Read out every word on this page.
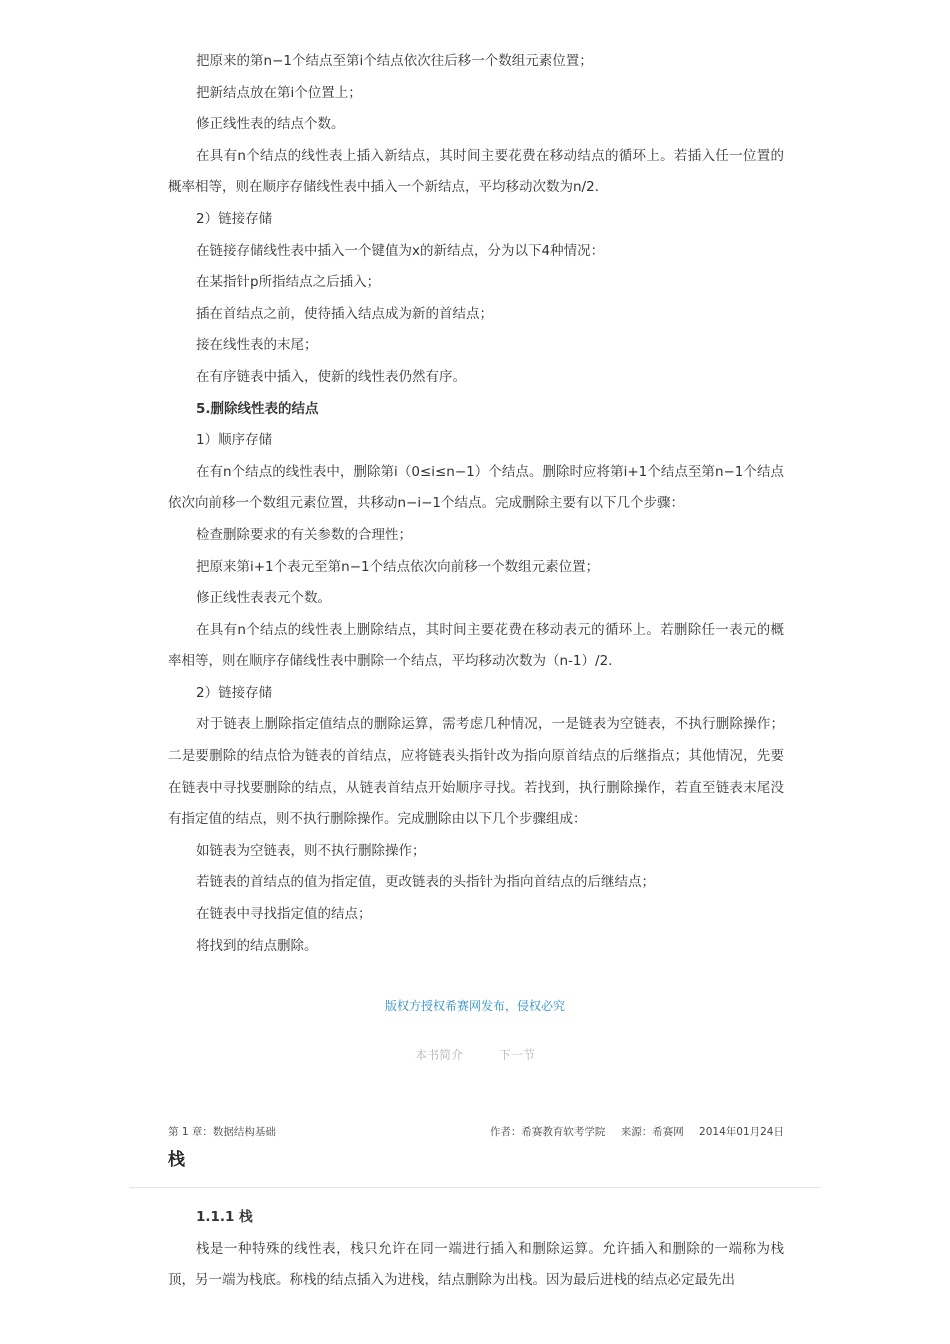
把原来的第n−1个结点至第i个结点依次往后移一个数组元素位置；

把新结点放在第i个位置上；

修正线性表的结点个数。

在具有n个结点的线性表上插入新结点，其时间主要花费在移动结点的循环上。若插入任一位置的概率相等，则在顺序存储线性表中插入一个新结点，平均移动次数为n/2.

2）链接存储

在链接存储线性表中插入一个键值为x的新结点，分为以下4种情况：

在某指针p所指结点之后插入；

插在首结点之前，使待插入结点成为新的首结点；

接在线性表的末尾；

在有序链表中插入，使新的线性表仍然有序。

5.删除线性表的结点

1）顺序存储

在有n个结点的线性表中，删除第i（0≤i≤n−1）个结点。删除时应将第i+1个结点至第n−1个结点依次向前移一个数组元素位置，共移动n−i−1个结点。完成删除主要有以下几个步骤：

检查删除要求的有关参数的合理性；

把原来第i+1个表元至第n−1个结点依次向前移一个数组元素位置；

修正线性表表元个数。

在具有n个结点的线性表上删除结点，其时间主要花费在移动表元的循环上。若删除任一表元的概率相等，则在顺序存储线性表中删除一个结点，平均移动次数为（n-1）/2.

2）链接存储

对于链表上删除指定值结点的删除运算，需考虑几种情况，一是链表为空链表，不执行删除操作；二是要删除的结点恰为链表的首结点，应将链表头指针改为指向原首结点的后继指点；其他情况，先要在链表中寻找要删除的结点，从链表首结点开始顺序寻找。若找到，执行删除操作，若直至链表末尾没有指定值的结点，则不执行删除操作。完成删除由以下几个步骤组成：

如链表为空链表，则不执行删除操作；

若链表的首结点的值为指定值，更改链表的头指针为指向首结点的后继结点；

在链表中寻找指定值的结点；

将找到的结点删除。

版权方授权希赛网发布，侵权必究
本书简介	下一节
第 1 章：数据结构基础	作者：希赛教育软考学院 来源：希赛网 2014年01月24日
栈

1.1.1 栈

栈是一种特殊的线性表，栈只允许在同一端进行插入和删除运算。允许插入和删除的一端称为栈顶，另一端为栈底。称栈的结点插入为进栈，结点删除为出栈。因为最后进栈的结点必定最先出
